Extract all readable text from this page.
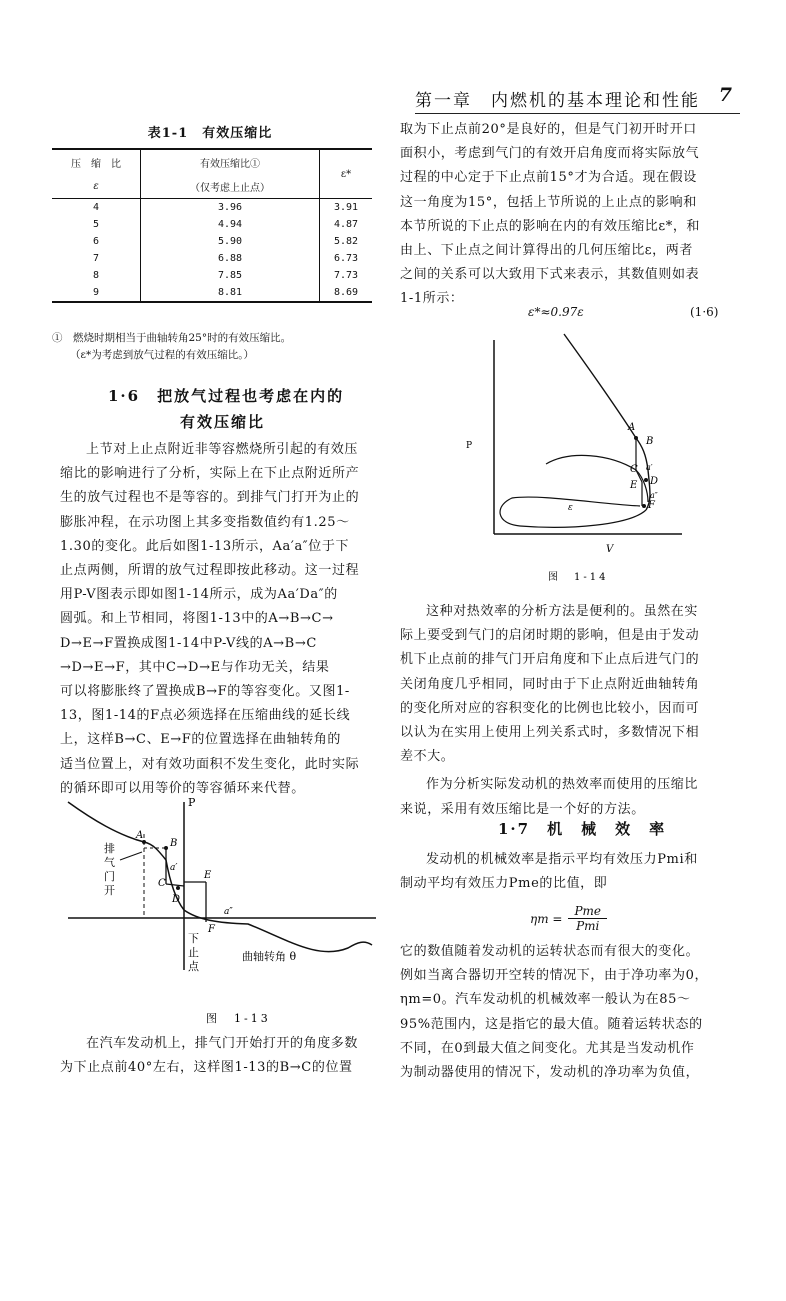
第一章　内燃机的基本理论和性能 7
表1-1　有效压缩比
压　缩　比	有效压缩比①	ε*
ε	（仅考虑上止点）	
4	3.96	3.91
5	4.94	4.87
6	5.90	5.82
7	6.88	6.73
8	7.85	7.73
9	8.81	8.69
①　燃烧时期相当于曲轴转角25°时的有效压缩比。
（ε*为考虑到放气过程的有效压缩比。）
1·6　把放气过程也考虑在内的
有效压缩比

上节对上止点附近非等容燃烧所引起的有效压

缩比的影响进行了分析，实际上在下止点附近所产

生的放气过程也不是等容的。到排气门打开为止的

膨胀冲程，在示功图上其多变指数值约有1.25～

1.30的变化。此后如图1-13所示，Aa′a″位于下

止点两侧，所谓的放气过程即按此移动。这一过程

用P-V图表示即如图1-14所示，成为Aa′Da″的

圆弧。和上节相同，将图1-13中的A→B→C→

D→E→F置换成图1-14中P-V线的A→B→C

→D→E→F，其中C→D→E与作功无关，结果

可以将膨胀终了置换成B→F的等容变化。又图1-

13，图1-14的F点必须选择在压缩曲线的延长线

上，这样B→C、E→F的位置选择在曲轴转角的

适当位置上，对有效功面积不发生变化，此时实际

的循环即可以用等价的等容循环来代替。

P
A
B
C
D
E
F
a′
a″
排
气
门
开
下
止
点
曲轴转角 θ
图　1-13

在汽车发动机上，排气门开始打开的角度多数

为下止点前40°左右，这样图1-13的B→C的位置

取为下止点前20°是良好的，但是气门初开时开口

面积小，考虑到气门的有效开启角度而将实际放气

过程的中心定于下止点前15°才为合适。现在假设

这一角度为15°，包括上节所说的上止点的影响和

本节所说的下止点的影响在内的有效压缩比ε*，和

由上、下止点之间计算得出的几何压缩比ε，两者

之间的关系可以大致用下式来表示，其数值则如表

1-1所示：

ε*≈0.97ε	(1·6)
P
A
B
C
D
E
F
a′
a″
ε
V
图　1-14

这种对热效率的分析方法是便利的。虽然在实

际上要受到气门的启闭时期的影响，但是由于发动

机下止点前的排气门开启角度和下止点后进气门的

关闭角度几乎相同，同时由于下止点附近曲轴转角

的变化所对应的容积变化的比例也比较小，因而可

以认为在实用上使用上列关系式时，多数情况下相

差不大。

作为分析实际发动机的热效率而使用的压缩比

来说，采用有效压缩比是一个好的方法。

1·7　机　械　效　率

发动机的机械效率是指示平均有效压力Pmi和

制动平均有效压力Pme的比值，即

ηm =
Pme
Pmi

它的数值随着发动机的运转状态而有很大的变化。

例如当离合器切开空转的情况下，由于净功率为0，

ηm=0。汽车发动机的机械效率一般认为在85～

95%范围内，这是指它的最大值。随着运转状态的

不同，在0到最大值之间变化。尤其是当发动机作

为制动器使用的情况下，发动机的净功率为负值，
